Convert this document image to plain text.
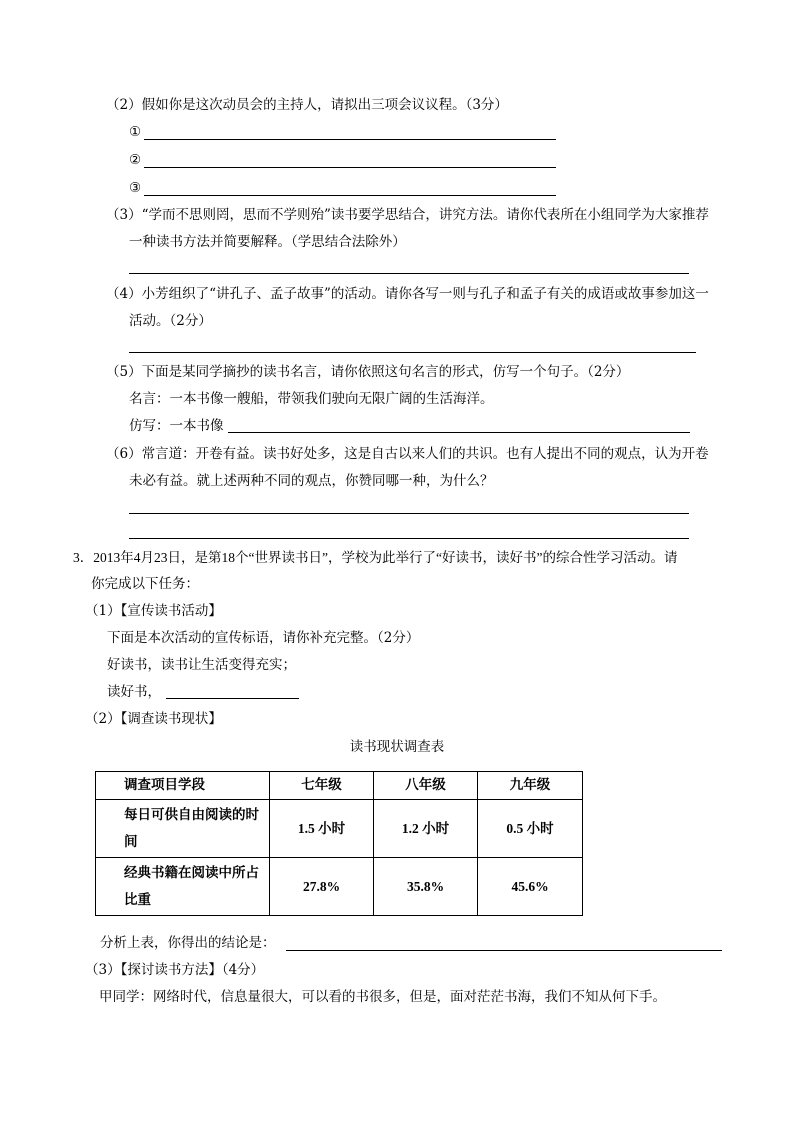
（2）假如你是这次动员会的主持人，请拟出三项会议议程。（3分）
①
②
③
（3）“学而不思则罔，思而不学则殆”读书要学思结合，讲究方法。请你代表所在小组同学为大家推荐
一种读书方法并简要解释。（学思结合法除外）
（4）小芳组织了“讲孔子、孟子故事”的活动。请你各写一则与孔子和孟子有关的成语或故事参加这一
活动。（2分）
（5）下面是某同学摘抄的读书名言，请你依照这句名言的形式，仿写一个句子。（2分）
名言：一本书像一艘船，带领我们驶向无限广阔的生活海洋。
仿写：一本书像
（6）常言道：开卷有益。读书好处多，这是自古以来人们的共识。也有人提出不同的观点，认为开卷
未必有益。就上述两种不同的观点，你赞同哪一种，为什么？
3．2013年4月23日，是第18个“世界读书日”，学校为此举行了“好读书，读好书”的综合性学习活动。请
你完成以下任务：
（1）【宣传读书活动】
下面是本次活动的宣传标语，请你补充完整。（2分）
好读书，读书让生活变得充实；
读好书，
（2）【调查读书现状】
读书现状调查表
调查项目学段	七年级	八年级	九年级
每日可供自由阅读的时间	1.5 小时	1.2 小时	0.5 小时
经典书籍在阅读中所占比重	27.8%	35.8%	45.6%
分析上表，你得出的结论是：
（3）【探讨读书方法】（4分）
甲同学：网络时代，信息量很大，可以看的书很多，但是，面对茫茫书海，我们不知从何下手。
